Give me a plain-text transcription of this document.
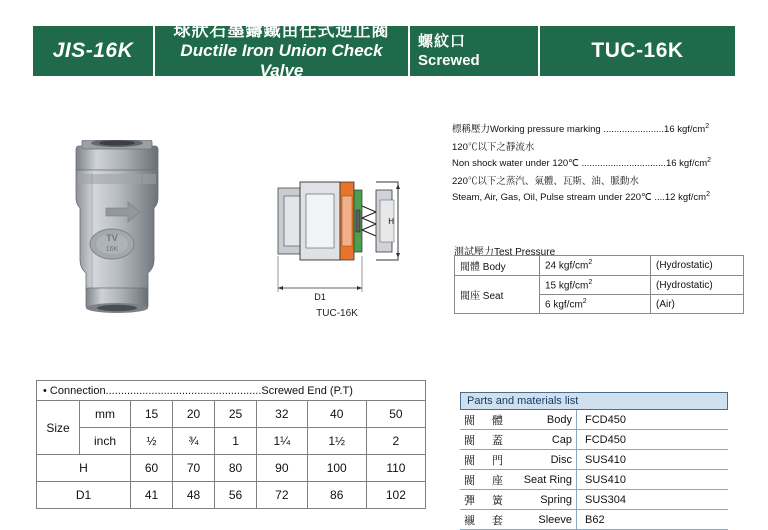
JIS-16K
球狀石墨鑄鐵由任式逆止閥
Ductile Iron Union Check Valve
螺紋口
Screwed	TUC-16K
TV
16K
H
D1
TUC-16K
標稱壓力Working pressure marking .......................16 kgf/$cm^2$
120℃以下之靜流水
Non shock water under 120℃ ................................16 kgf/$cm^2$
220℃以下之蒸汽、氣體、瓦斯、油、脈動水
Steam, Air, Gas, Oil, Pulse stream under 220℃ ....12 kgf/$cm^2$
測試壓力Test Pressure
閥體 Body	24 kgf/$cm^2$	(Hydrostatic)
閥座 Seat	15 kgf/$cm^2$	(Hydrostatic)
	6 kgf/$cm^2$	(Air)
• Connection...................................................Screwed End (P.T)
Size	mm	15	20	25	32	40	50
	inch	½	¾	1	1¼	1½	2
H		60	70	80	90	100	110
D1		41	48	56	72	86	102
Parts and materials list
閥　體 Body	FCD450

閥　蓋 Cap	FCD450

閥　門 Disc	SUS410

閥　座 Seat Ring	SUS410

彈　簧 Spring	SUS304

襯　套 Sleeve	B62
